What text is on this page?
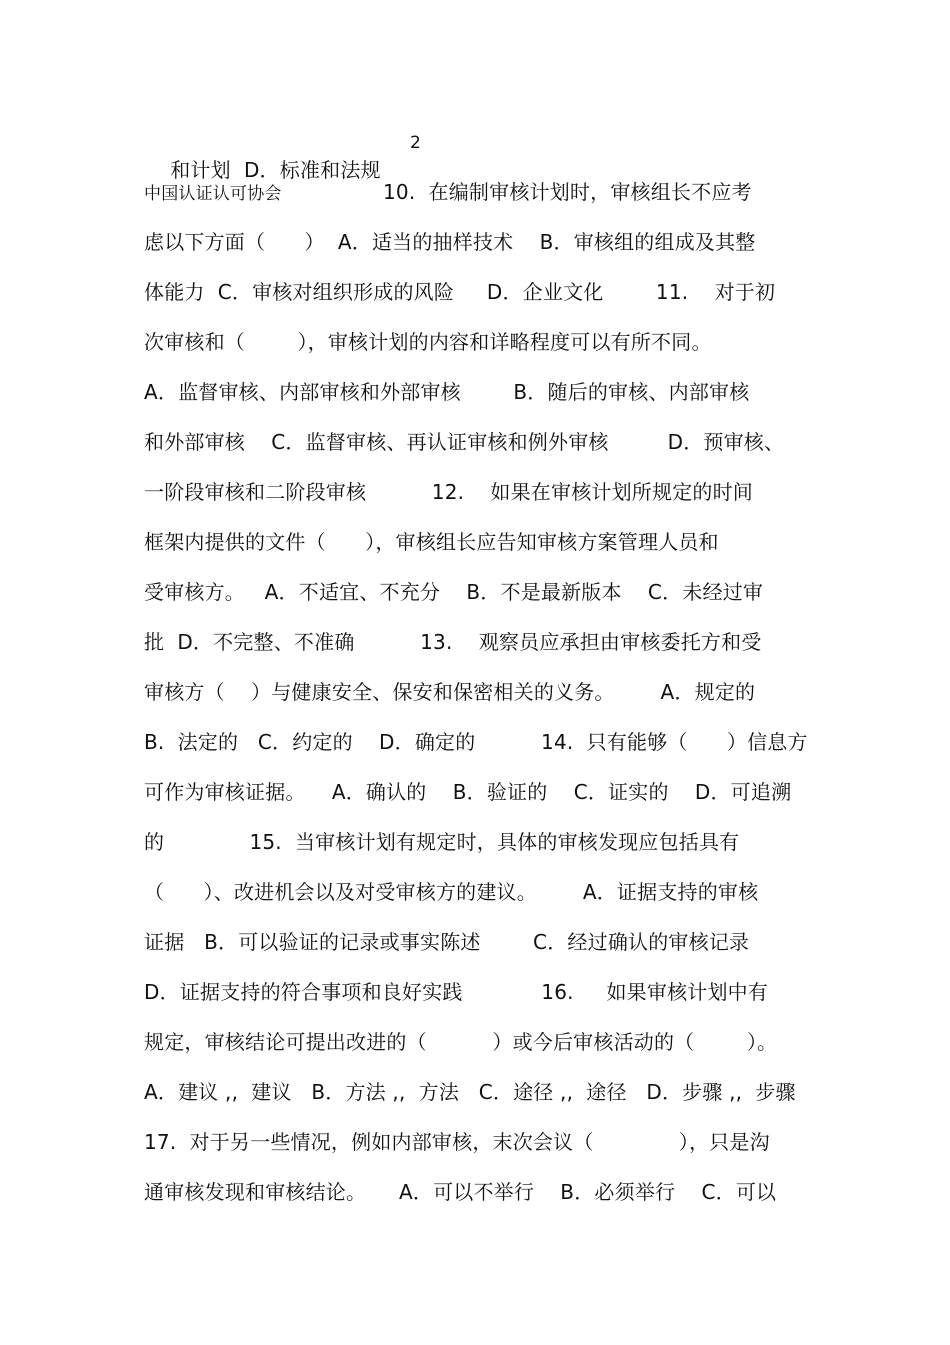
和计划  D．标准和法规

2
中国认证认可协会	10.  在编制审核计划时，审核组长不应考
虑以下方面（      ）  A．适当的抽样技术    B．审核组的组成及其整
体能力  C．审核对组织形成的风险     D．企业文化        11.    对于初
次审核和（        ），审核计划的内容和详略程度可以有所不同。
A．监督审核、内部审核和外部审核        B．随后的审核、内部审核
和外部审核    C．监督审核、再认证审核和例外审核         D．预审核、
一阶段审核和二阶段审核          12.    如果在审核计划所规定的时间
框架内提供的文件（      ），审核组长应告知审核方案管理人员和
受审核方。   A．不适宜、不充分    B．不是最新版本    C．未经过审
批  D．不完整、不准确          13.    观察员应承担由审核委托方和受
审核方（    ）与健康安全、保安和保密相关的义务。       A．规定的
B.  法定的   C．约定的    D．确定的          14.  只有能够（      ）信息方
可作为审核证据。    A．确认的    B．验证的    C．证实的    D．可追溯
的             15.  当审核计划有规定时，具体的审核发现应包括具有
（      ）、改进机会以及对受审核方的建议。       A．证据支持的审核
证据   B．可以验证的记录或事实陈述        C．经过确认的审核记录
D．证据支持的符合事项和良好实践            16.     如果审核计划中有
规定，审核结论可提出改进的（          ）或今后审核活动的（        ）。
A．建议 ,,  建议   B．方法 ,,  方法   C．途径 ,,  途径   D．步骤 ,,  步骤
17.  对于另一些情况，例如内部审核，末次会议（             ），只是沟
通审核发现和审核结论。     A．可以不举行    B．必须举行    C．可以
